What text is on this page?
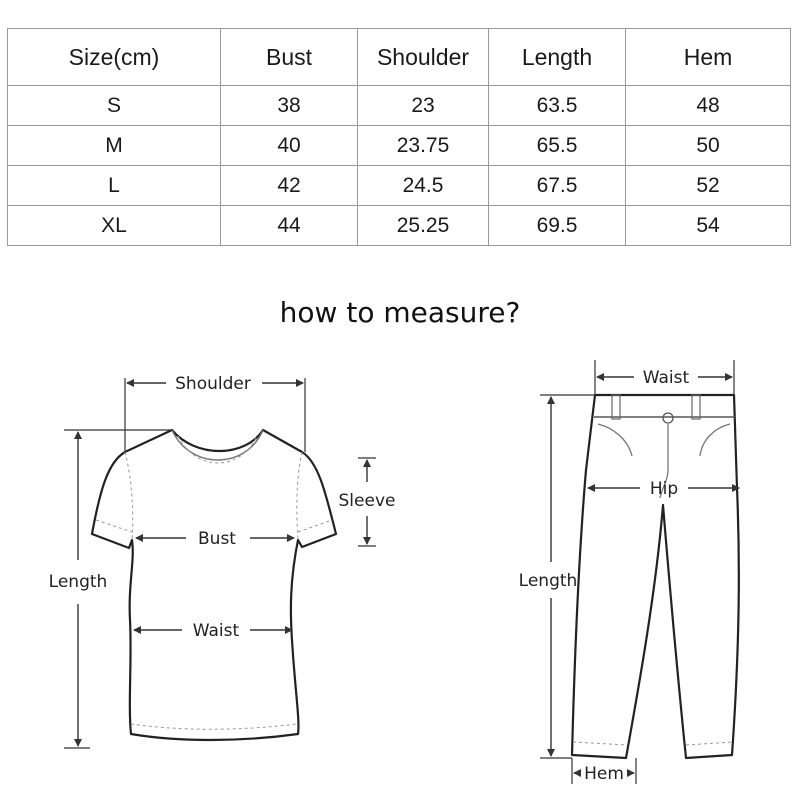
Size(cm)	Bust	Shoulder	Length	Hem
S	38	23	63.5	48
M	40	23.75	65.5	50
L	42	24.5	67.5	52
XL	44	25.25	69.5	54
how to measure?
Shoulder
Sleeve
Bust
Waist
Length
Waist
Hip
Length
Hem
